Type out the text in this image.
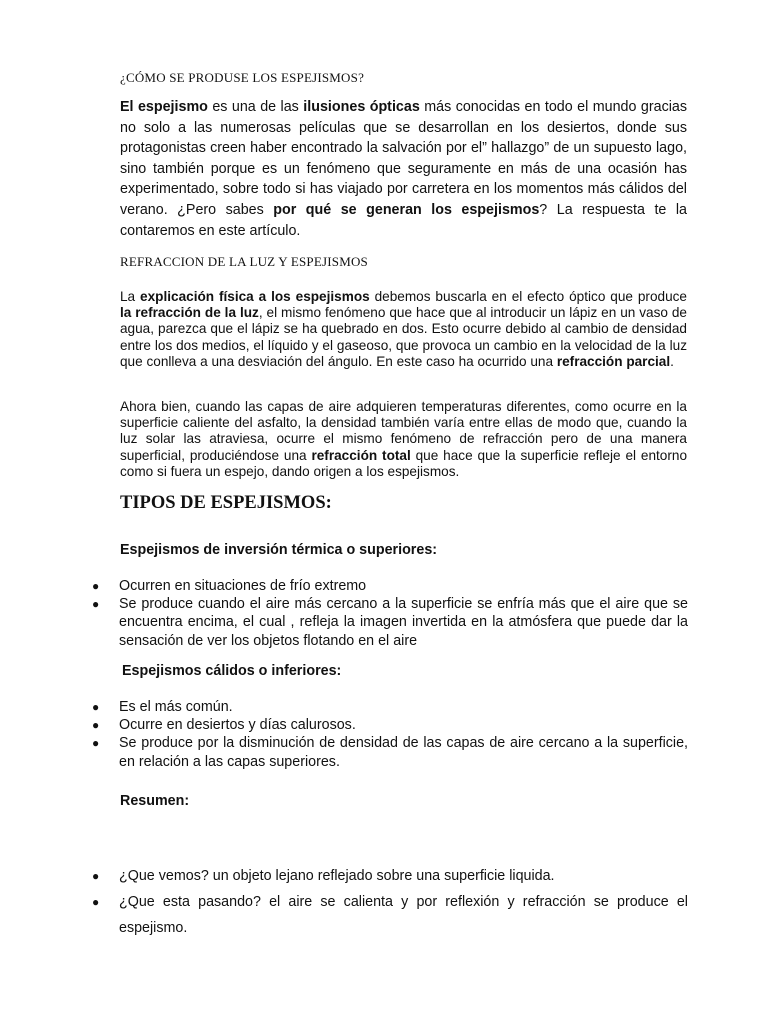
¿CÓMO SE PRODUSE LOS ESPEJISMOS?

El espejismo es una de las ilusiones ópticas más conocidas en todo el mundo gracias no solo a las numerosas películas que se desarrollan en los desiertos, donde sus protagonistas creen haber encontrado la salvación por el” hallazgo” de un supuesto lago, sino también porque es un fenómeno que seguramente en más de una ocasión has experimentado, sobre todo si has viajado por carretera en los momentos más cálidos del verano. ¿Pero sabes por qué se generan los espejismos? La respuesta te la contaremos en este artículo.

REFRACCION DE LA LUZ Y ESPEJISMOS

La explicación física a los espejismos debemos buscarla en el efecto óptico que produce la refracción de la luz, el mismo fenómeno que hace que al introducir un lápiz en un vaso de agua, parezca que el lápiz se ha quebrado en dos. Esto ocurre debido al cambio de densidad entre los dos medios, el líquido y el gaseoso, que provoca un cambio en la velocidad de la luz que conlleva a una desviación del ángulo. En este caso ha ocurrido una refracción parcial.

Ahora bien, cuando las capas de aire adquieren temperaturas diferentes, como ocurre en la superficie caliente del asfalto, la densidad también varía entre ellas de modo que, cuando la luz solar las atraviesa, ocurre el mismo fenómeno de refracción pero de una manera superficial, produciéndose una refracción total que hace que la superficie refleje el entorno como si fuera un espejo, dando origen a los espejismos.

TIPOS DE ESPEJISMOS:
Espejismos de inversión térmica o superiores:
● Ocurren en situaciones de frío extremo
● Se produce cuando el aire más cercano a la superficie se enfría más que el aire que se encuentra encima, el cual , refleja la imagen invertida en la atmósfera que puede dar la sensación de ver los objetos flotando en el aire
Espejismos cálidos o inferiores:
● Es el más común.
● Ocurre en desiertos y días calurosos.
● Se produce por la disminución de densidad de las capas de aire cercano a la superficie, en relación a las capas superiores.
Resumen:
● ¿Que vemos? un objeto lejano reflejado sobre una superficie liquida.
● ¿Que esta pasando? el aire se calienta y por reflexión y refracción se produce el espejismo.
